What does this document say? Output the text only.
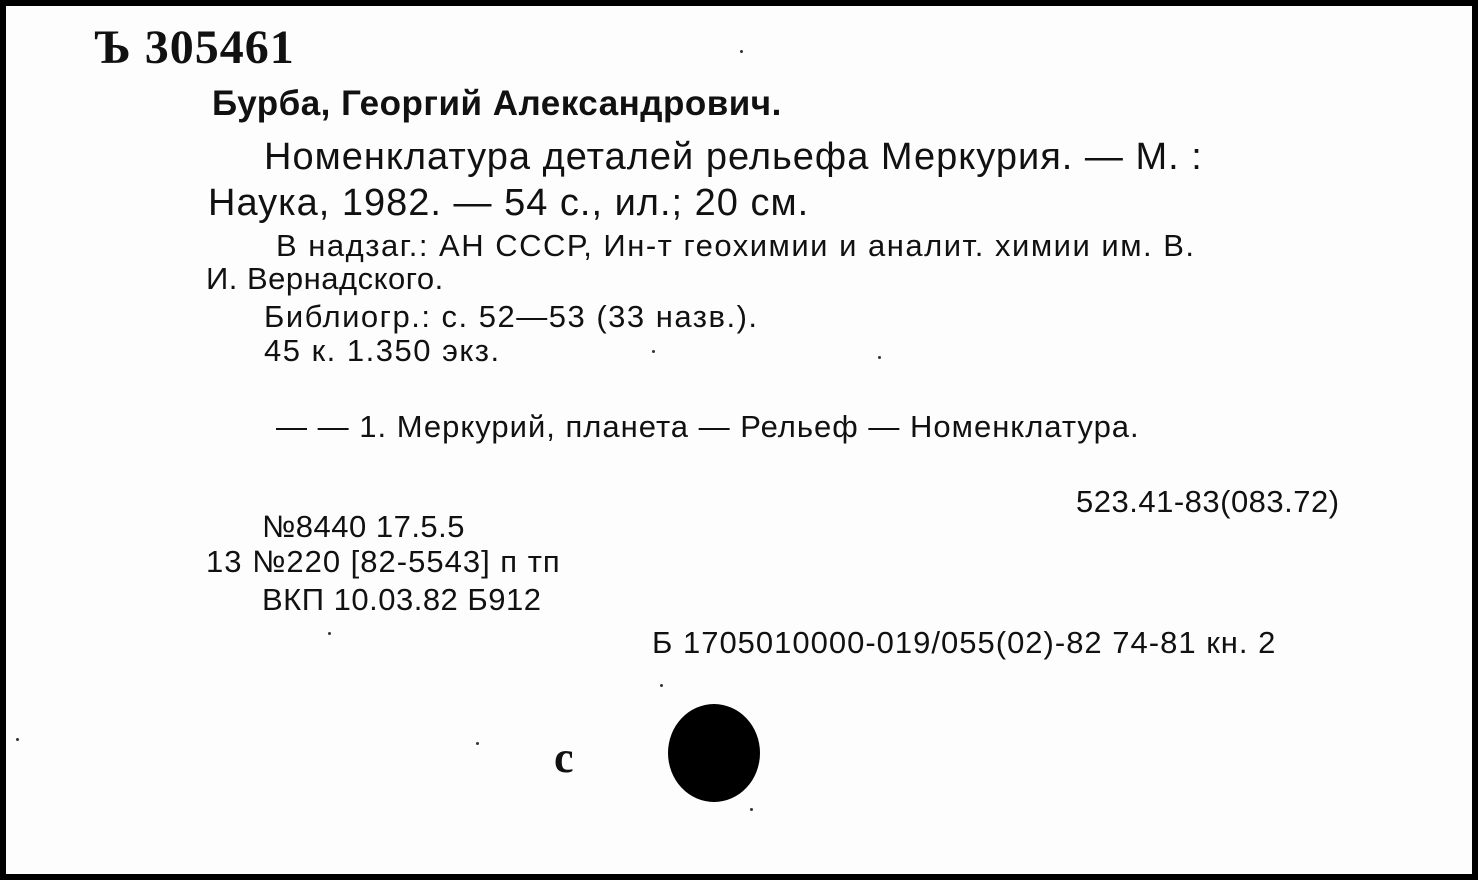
Ъ 305461
Бурба, Георгий Александрович.
Номенклатура деталей рельефа Меркурия. — М. :
Наука, 1982. — 54 с., ил.; 20 см.
В надзаг.: АН СССР, Ин-т геохимии и аналит. химии им. В.
И. Вернадского.
Библиогр.: с. 52—53 (33 назв.).
45 к. 1.350 экз.
— — 1. Меркурий, планета — Рельеф — Номенклатура.
523.41-83(083.72)
№8440 17.5.5
13 №220 [82-5543] п тп
ВКП 10.03.82 Б912
Б 1705010000-019/055(02)-82 74-81 кн. 2
с
